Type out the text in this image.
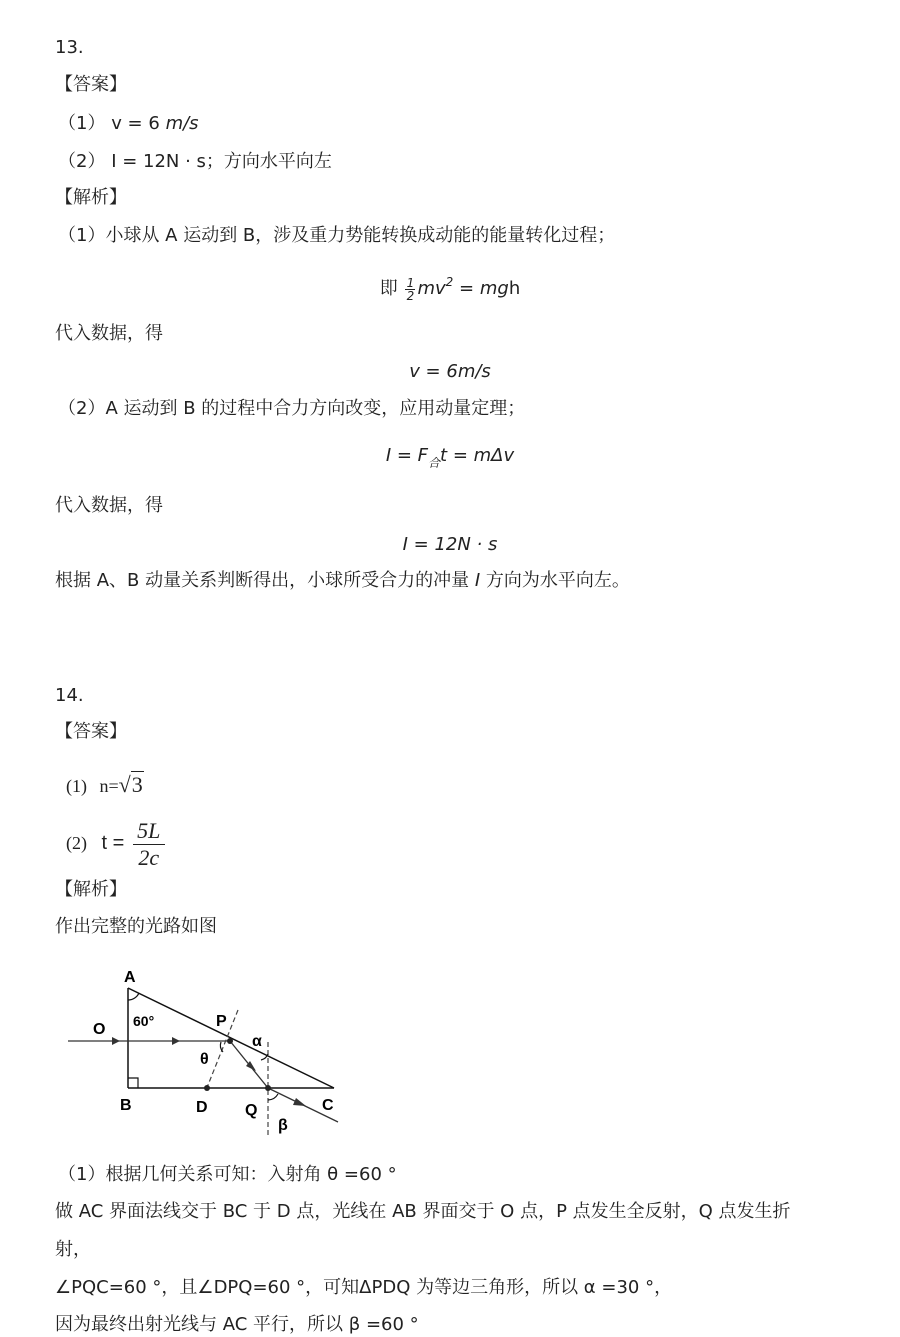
13.
【答案】
（1） v = 6 m/s
（2） I = 12N · s；方向水平向左
【解析】
（1）小球从 A 运动到 B，涉及重力势能转换成动能的能量转化过程；
即 $\frac{1}{2} mv^2$ = mgh
代入数据，得
v = 6m/s
（2）A 运动到 B 的过程中合力方向改变，应用动量定理；
$I = F_合t = m\Delta v$
代入数据，得
I = 12N · s
根据 A、B 动量关系判断得出，小球所受合力的冲量 I 方向为水平向左。
14.
【答案】
(1) n=√3
(2) $t = \frac{5L}{2c}$
【解析】
作出完整的光路如图
A
B	C
D
O	P
Q
60°
θ
α
β
（1）根据几何关系可知：入射角 θ =60 °
做 AC 界面法线交于 BC 于 D 点，光线在 AB 界面交于 O 点，P 点发生全反射，Q 点发生折
射，
∠PQC=60 °，且∠DPQ=60 °，可知ΔPDQ 为等边三角形，所以 α =30 °，
因为最终出射光线与 AC 平行，所以 β =60 °
